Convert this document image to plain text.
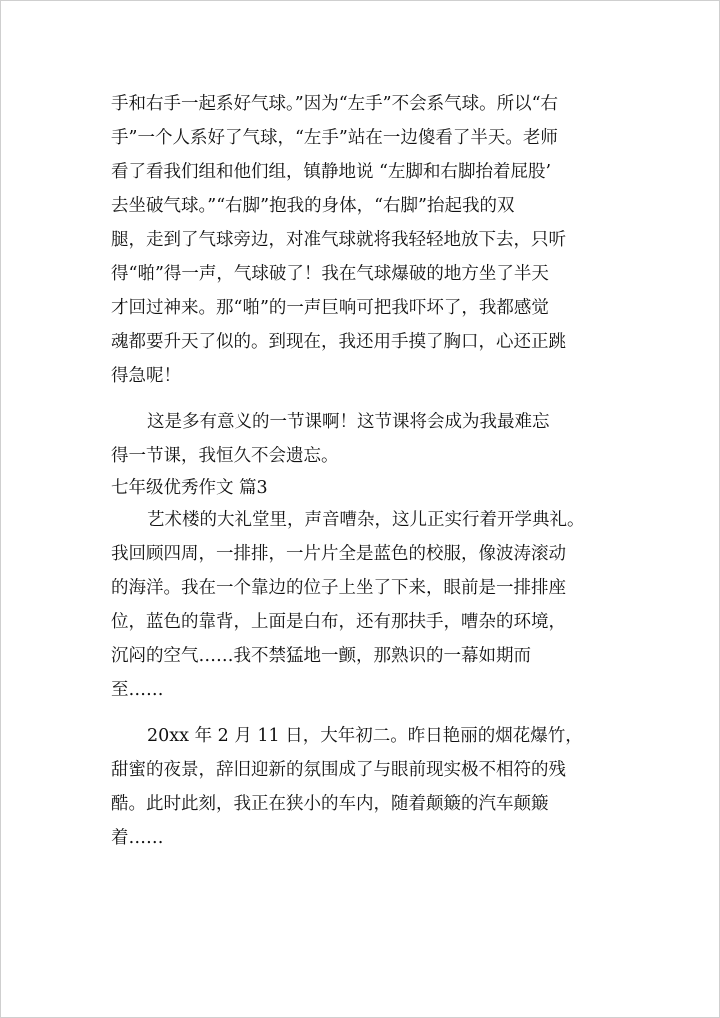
手和右手一起系好气球。”因为“左手”不会系气球。所以“右
手”一个人系好了气球，“左手”站在一边傻看了半天。老师
看了看我们组和他们组，镇静地说 “左脚和右脚抬着屁股’
去坐破气球。”“右脚”抱我的身体，“右脚”抬起我的双
腿，走到了气球旁边，对准气球就将我轻轻地放下去，只听
得“啪”得一声，气球破了！我在气球爆破的地方坐了半天
才回过神来。那“啪”的一声巨响可把我吓坏了，我都感觉
魂都要升天了似的。到现在，我还用手摸了胸口，心还正跳
得急呢！
这是多有意义的一节课啊！这节课将会成为我最难忘
得一节课，我恒久不会遗忘。
七年级优秀作文 篇3
艺术楼的大礼堂里，声音嘈杂，这儿正实行着开学典礼。
我回顾四周，一排排，一片片全是蓝色的校服，像波涛滚动
的海洋。我在一个靠边的位子上坐了下来，眼前是一排排座
位，蓝色的靠背，上面是白布，还有那扶手，嘈杂的环境，
沉闷的空气……我不禁猛地一颤，那熟识的一幕如期而
至……
20xx 年 2 月 11 日，大年初二。昨日艳丽的烟花爆竹，
甜蜜的夜景，辞旧迎新的氛围成了与眼前现实极不相符的残
酷。此时此刻，我正在狭小的车内，随着颠簸的汽车颠簸
着……
